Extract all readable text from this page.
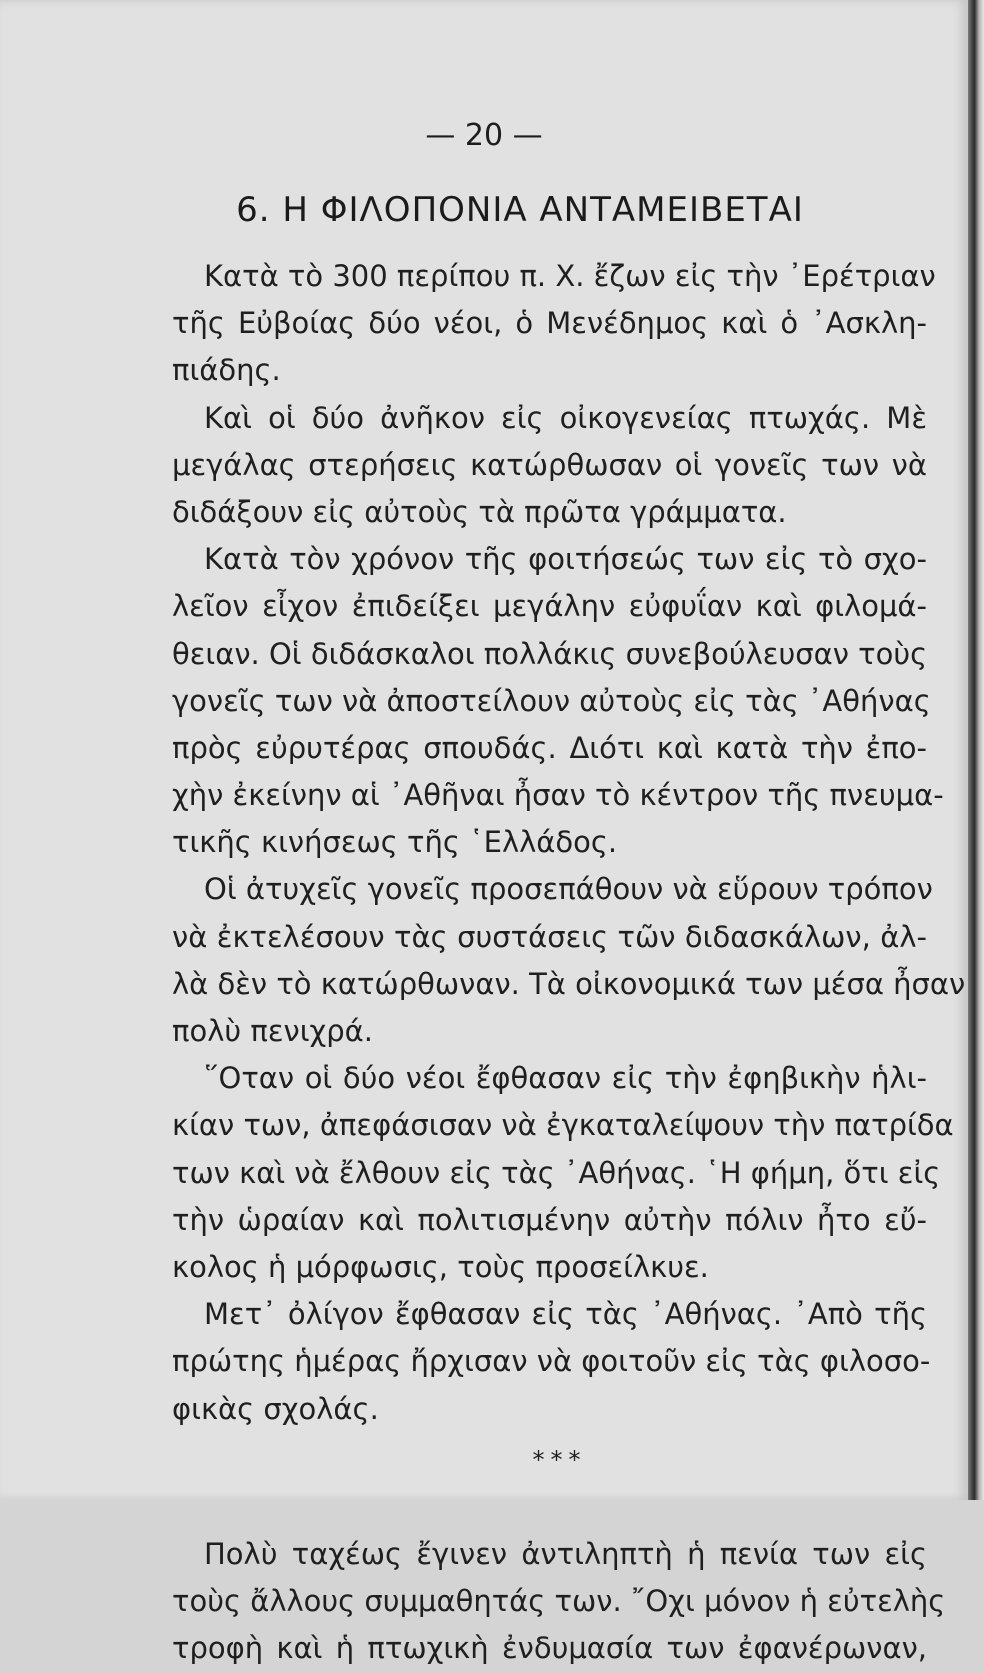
— 20 —
6. Η ΦΙΛΟΠΟΝΙΑ ΑΝΤΑΜΕΙΒΕΤΑΙ
Κατὰ τὸ 300 περίπου π. Χ. ἔζων εἰς τὴν ᾿Ερέτριαν
τῆς Εὐβοίας δύο νέοι, ὁ Μενέδημος καὶ ὁ ᾿Ασκλη-
πιάδης.
Καὶ οἱ δύο ἀνῆκον εἰς οἰκογενείας πτωχάς. Μὲ
μεγάλας στερήσεις κατώρθωσαν οἱ γονεῖς των νὰ
διδάξουν εἰς αὐτοὺς τὰ πρῶτα γράμματα.
Κατὰ τὸν χρόνον τῆς φοιτήσεώς των εἰς τὸ σχο-
λεῖον εἶχον ἐπιδείξει μεγάλην εὐφυΐαν καὶ φιλομά-
θειαν. Οἱ διδάσκαλοι πολλάκις συνεβούλευσαν τοὺς
γονεῖς των νὰ ἀποστείλουν αὐτοὺς εἰς τὰς ᾿Αθήνας
πρὸς εὐρυτέρας σπουδάς. Διότι καὶ κατὰ τὴν ἐπο-
χὴν ἐκείνην αἱ ᾿Αθῆναι ἦσαν τὸ κέντρον τῆς πνευμα-
τικῆς κινήσεως τῆς ῾Ελλάδος.
Οἱ ἀτυχεῖς γονεῖς προσεπάθουν νὰ εὕρουν τρόπον
νὰ ἐκτελέσουν τὰς συστάσεις τῶν διδασκάλων, ἀλ-
λὰ δὲν τὸ κατώρθωναν. Τὰ οἰκονομικά των μέσα ἦσαν
πολὺ πενιχρά.
῞Οταν οἱ δύο νέοι ἔφθασαν εἰς τὴν ἐφηβικὴν ἡλι-
κίαν των, ἀπεφάσισαν νὰ ἐγκαταλείψουν τὴν πατρίδα
των καὶ νὰ ἔλθουν εἰς τὰς ᾿Αθήνας. ῾Η φήμη, ὅτι εἰς
τὴν ὡραίαν καὶ πολιτισμένην αὐτὴν πόλιν ἦτο εὔ-
κολος ἡ μόρφωσις, τοὺς προσείλκυε.
Μετ᾿ ὀλίγον ἔφθασαν εἰς τὰς ᾿Αθήνας. ᾿Απὸ τῆς
πρώτης ἡμέρας ἤρχισαν νὰ φοιτοῦν εἰς τὰς φιλοσο-
φικὰς σχολάς.
***
Πολὺ ταχέως ἔγινεν ἀντιληπτὴ ἡ πενία των εἰς
τοὺς ἄλλους συμμαθητάς των. ῎Οχι μόνον ἡ εὐτελὴς
τροφὴ καὶ ἡ πτωχικὴ ἐνδυμασία των ἐφανέρωναν,
